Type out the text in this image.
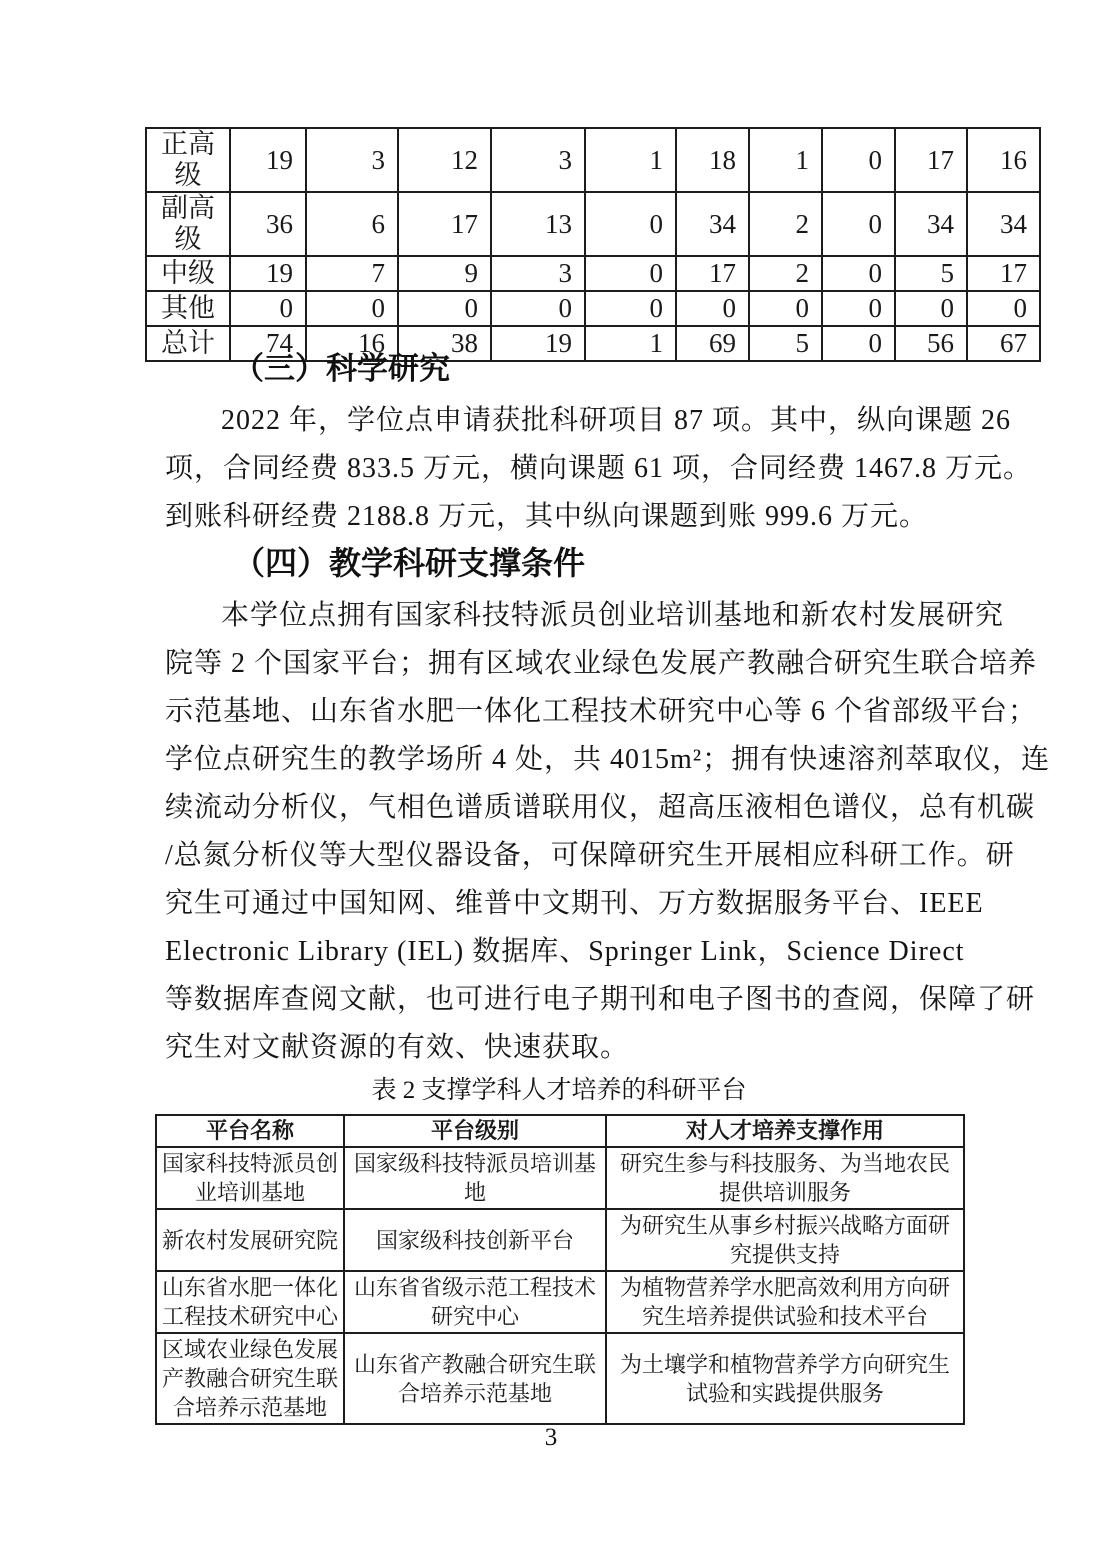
正高级	19	3	12	3	1	18	1	0	17	16
副高级	36	6	17	13	0	34	2	0	34	34
中级	19	7	9	3	0	17	2	0	5	17
其他	0	0	0	0	0	0	0	0	0	0
总计	74	16	38	19	1	69	5	0	56	67
（三）科学研究
2022 年，学位点申请获批科研项目 87 项。其中，纵向课题 26
项，合同经费 833.5 万元，横向课题 61 项，合同经费 1467.8 万元。
到账科研经费 2188.8 万元，其中纵向课题到账 999.6 万元。
（四）教学科研支撑条件
本学位点拥有国家科技特派员创业培训基地和新农村发展研究
院等 2 个国家平台；拥有区域农业绿色发展产教融合研究生联合培养
示范基地、山东省水肥一体化工程技术研究中心等 6 个省部级平台；
学位点研究生的教学场所 4 处，共 4015m²；拥有快速溶剂萃取仪，连
续流动分析仪，气相色谱质谱联用仪，超高压液相色谱仪，总有机碳
/总氮分析仪等大型仪器设备，可保障研究生开展相应科研工作。研
究生可通过中国知网、维普中文期刊、万方数据服务平台、IEEE
Electronic Library (IEL) 数据库、Springer Link，Science Direct
等数据库查阅文献，也可进行电子期刊和电子图书的查阅，保障了研
究生对文献资源的有效、快速获取。
表 2 支撑学科人才培养的科研平台
平台名称	平台级别	对人才培养支撑作用
国家科技特派员创业培训基地	国家级科技特派员培训基地	研究生参与科技服务、为当地农民提供培训服务
新农村发展研究院	国家级科技创新平台	为研究生从事乡村振兴战略方面研究提供支持
山东省水肥一体化工程技术研究中心	山东省省级示范工程技术研究中心	为植物营养学水肥高效利用方向研究生培养提供试验和技术平台
区域农业绿色发展产教融合研究生联合培养示范基地	山东省产教融合研究生联合培养示范基地	为土壤学和植物营养学方向研究生试验和实践提供服务
3
